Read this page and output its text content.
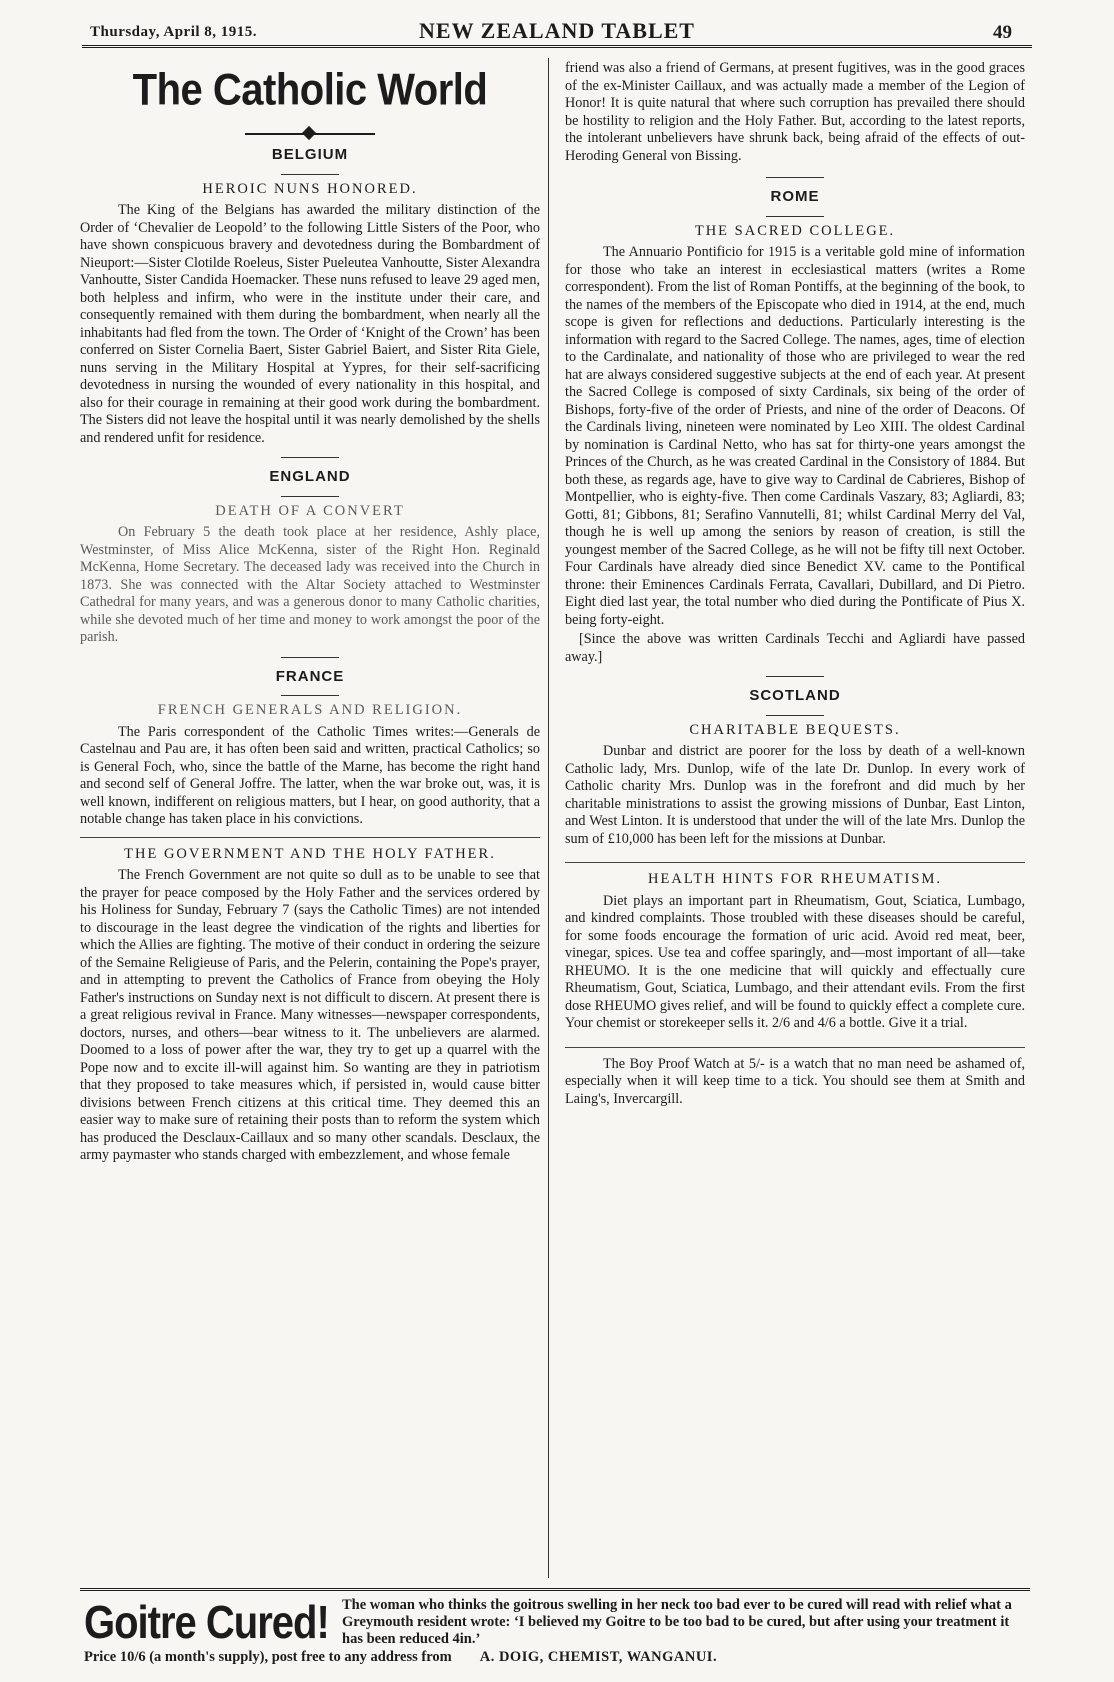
Thursday, April 8, 1915.	NEW ZEALAND TABLET	49
The Catholic World
BELGIUM
HEROIC NUNS HONORED.

The King of the Belgians has awarded the military distinction of the Order of ‘Chevalier de Leopold’ to the following Little Sisters of the Poor, who have shown conspicuous bravery and devotedness during the Bombardment of Nieuport:—Sister Clotilde Roeleus, Sister Pueleutea Vanhoutte, Sister Alexandra Vanhoutte, Sister Candida Hoemacker. These nuns refused to leave 29 aged men, both helpless and infirm, who were in the institute under their care, and consequently remained with them during the bombardment, when nearly all the inhabitants had fled from the town. The Order of ‘Knight of the Crown’ has been conferred on Sister Cornelia Baert, Sister Gabriel Baiert, and Sister Rita Giele, nuns serving in the Military Hospital at Yypres, for their self-sacrificing devotedness in nursing the wounded of every nationality in this hospital, and also for their courage in remaining at their good work during the bombardment. The Sisters did not leave the hospital until it was nearly demolished by the shells and rendered unfit for residence.

ENGLAND
DEATH OF A CONVERT

On February 5 the death took place at her residence, Ashly place, Westminster, of Miss Alice McKenna, sister of the Right Hon. Reginald McKenna, Home Secretary. The deceased lady was received into the Church in 1873. She was connected with the Altar Society attached to Westminster Cathedral for many years, and was a generous donor to many Catholic charities, while she devoted much of her time and money to work amongst the poor of the parish.

FRANCE
FRENCH GENERALS AND RELIGION.

The Paris correspondent of the Catholic Times writes:—Generals de Castelnau and Pau are, it has often been said and written, practical Catholics; so is General Foch, who, since the battle of the Marne, has become the right hand and second self of General Joffre. The latter, when the war broke out, was, it is well known, indifferent on religious matters, but I hear, on good authority, that a notable change has taken place in his convictions.

THE GOVERNMENT AND THE HOLY FATHER.

The French Government are not quite so dull as to be unable to see that the prayer for peace composed by the Holy Father and the services ordered by his Holiness for Sunday, February 7 (says the Catholic Times) are not intended to discourage in the least degree the vindication of the rights and liberties for which the Allies are fighting. The motive of their conduct in ordering the seizure of the Semaine Religieuse of Paris, and the Pelerin, containing the Pope's prayer, and in attempting to prevent the Catholics of France from obeying the Holy Father's instructions on Sunday next is not difficult to discern. At present there is a great religious revival in France. Many witnesses—newspaper correspondents, doctors, nurses, and others—bear witness to it. The unbelievers are alarmed. Doomed to a loss of power after the war, they try to get up a quarrel with the Pope now and to excite ill-will against him. So wanting are they in patriotism that they proposed to take measures which, if persisted in, would cause bitter divisions between French citizens at this critical time. They deemed this an easier way to make sure of retaining their posts than to reform the system which has produced the Desclaux-Caillaux and so many other scandals. Desclaux, the army paymaster who stands charged with embezzlement, and whose female

friend was also a friend of Germans, at present fugitives, was in the good graces of the ex-Minister Caillaux, and was actually made a member of the Legion of Honor! It is quite natural that where such corruption has prevailed there should be hostility to religion and the Holy Father. But, according to the latest reports, the intolerant unbelievers have shrunk back, being afraid of the effects of out-Heroding General von Bissing.

ROME
THE SACRED COLLEGE.

The Annuario Pontificio for 1915 is a veritable gold mine of information for those who take an interest in ecclesiastical matters (writes a Rome correspondent). From the list of Roman Pontiffs, at the beginning of the book, to the names of the members of the Episcopate who died in 1914, at the end, much scope is given for reflections and deductions. Particularly interesting is the information with regard to the Sacred College. The names, ages, time of election to the Cardinalate, and nationality of those who are privileged to wear the red hat are always considered suggestive subjects at the end of each year. At present the Sacred College is composed of sixty Cardinals, six being of the order of Bishops, forty-five of the order of Priests, and nine of the order of Deacons. Of the Cardinals living, nineteen were nominated by Leo XIII. The oldest Cardinal by nomination is Cardinal Netto, who has sat for thirty-one years amongst the Princes of the Church, as he was created Cardinal in the Consistory of 1884. But both these, as regards age, have to give way to Cardinal de Cabrieres, Bishop of Montpellier, who is eighty-five. Then come Cardinals Vaszary, 83; Agliardi, 83; Gotti, 81; Gibbons, 81; Serafino Vannutelli, 81; whilst Cardinal Merry del Val, though he is well up among the seniors by reason of creation, is still the youngest member of the Sacred College, as he will not be fifty till next October. Four Cardinals have already died since Benedict XV. came to the Pontifical throne: their Eminences Cardinals Ferrata, Cavallari, Dubillard, and Di Pietro. Eight died last year, the total number who died during the Pontificate of Pius X. being forty-eight.

[Since the above was written Cardinals Tecchi and Agliardi have passed away.]

SCOTLAND
CHARITABLE BEQUESTS.

Dunbar and district are poorer for the loss by death of a well-known Catholic lady, Mrs. Dunlop, wife of the late Dr. Dunlop. In every work of Catholic charity Mrs. Dunlop was in the forefront and did much by her charitable ministrations to assist the growing missions of Dunbar, East Linton, and West Linton. It is understood that under the will of the late Mrs. Dunlop the sum of £10,000 has been left for the missions at Dunbar.

HEALTH HINTS FOR RHEUMATISM.

Diet plays an important part in Rheumatism, Gout, Sciatica, Lumbago, and kindred complaints. Those troubled with these diseases should be careful, for some foods encourage the formation of uric acid. Avoid red meat, beer, vinegar, spices. Use tea and coffee sparingly, and—most important of all—take RHEUMO. It is the one medicine that will quickly and effectually cure Rheumatism, Gout, Sciatica, Lumbago, and their attendant evils. From the first dose RHEUMO gives relief, and will be found to quickly effect a complete cure. Your chemist or storekeeper sells it. 2/6 and 4/6 a bottle. Give it a trial.

The Boy Proof Watch at 5/- is a watch that no man need be ashamed of, especially when it will keep time to a tick. You should see them at Smith and Laing's, Invercargill.

Goitre Cured! The woman who thinks the goitrous swelling in her neck too bad ever to be cured will read with relief what a Greymouth resident wrote: ‘I believed my Goitre to be too bad to be cured, but after using your treatment it has been reduced 4in.’
Price 10/6 (a month's supply), post free to any address from A. DOIG, CHEMIST, WANGANUI.
